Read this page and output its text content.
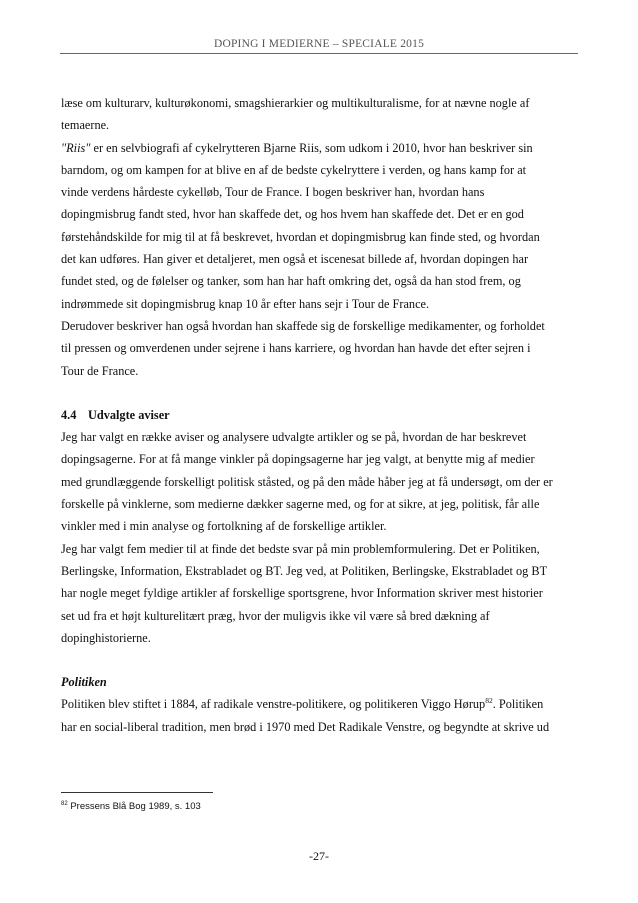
DOPING I MEDIERNE – SPECIALE 2015

læse om kulturarv, kulturøkonomi, smagshierarkier og multikulturalisme, for at nævne nogle af
temaerne.

"Riis" er en selvbiografi af cykelrytteren Bjarne Riis, som udkom i 2010, hvor han beskriver sin
barndom, og om kampen for at blive en af de bedste cykelryttere i verden, og hans kamp for at
vinde verdens hårdeste cykelløb, Tour de France. I bogen beskriver han, hvordan hans
dopingmisbrug fandt sted, hvor han skaffede det, og hos hvem han skaffede det. Det er en god
førstehåndskilde for mig til at få beskrevet, hvordan et dopingmisbrug kan finde sted, og hvordan
det kan udføres. Han giver et detaljeret, men også et iscenesat billede af, hvordan dopingen har
fundet sted, og de følelser og tanker, som han har haft omkring det, også da han stod frem, og
indrømmede sit dopingmisbrug knap 10 år efter hans sejr i Tour de France.

Derudover beskriver han også hvordan han skaffede sig de forskellige medikamenter, og forholdet
til pressen og omverdenen under sejrene i hans karriere, og hvordan han havde det efter sejren i
Tour de France.

4.4 Udvalgte aviser

Jeg har valgt en række aviser og analysere udvalgte artikler og se på, hvordan de har beskrevet
dopingsagerne. For at få mange vinkler på dopingsagerne har jeg valgt, at benytte mig af medier
med grundlæggende forskelligt politisk ståsted, og på den måde håber jeg at få undersøgt, om der er
forskelle på vinklerne, som medierne dækker sagerne med, og for at sikre, at jeg, politisk, får alle
vinkler med i min analyse og fortolkning af de forskellige artikler.

Jeg har valgt fem medier til at finde det bedste svar på min problemformulering. Det er Politiken,
Berlingske, Information, Ekstrabladet og BT. Jeg ved, at Politiken, Berlingske, Ekstrabladet og BT
har nogle meget fyldige artikler af forskellige sportsgrene, hvor Information skriver mest historier
set ud fra et højt kulturelitært præg, hvor der muligvis ikke vil være så bred dækning af
dopinghistorierne.

Politiken

Politiken blev stiftet i 1884, af radikale venstre-politikere, og politikeren Viggo Hørup$^{82}$. Politiken
har en social-liberal tradition, men brød i 1970 med Det Radikale Venstre, og begyndte at skrive ud

$^{82}$ Pressens Blå Bog 1989, s. 103
-27-
